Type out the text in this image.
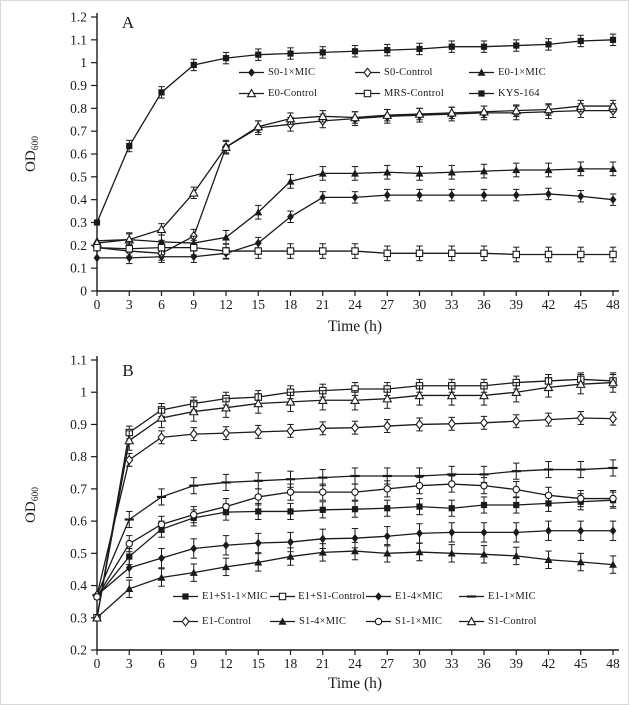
A
$OD_{600}$
Time (h)
0
0.1
0.2
0.3
0.4
0.5
0.6
0.7
0.8
0.9
1
1.1
1.2
0 3 6 9 12 15 18 21 24 27 30 33 36 39 42 45 48
S0-1×MIC	S0-Control	E0-1×MIC
E0-Control	MRS-Control	KYS-164
B
$OD_{600}$
Time (h)
0.2
0.3
0.4
0.5
0.6
0.7
0.8
0.9
1
1.1
0 3 6 9 12 15 18 21 24 27 30 33 36 39 42 45 48
E1+S1-1×MIC	E1+S1-Control	E1-4×MIC	E1-1×MIC
E1-Control	S1-4×MIC	S1-1×MIC	S1-Control
